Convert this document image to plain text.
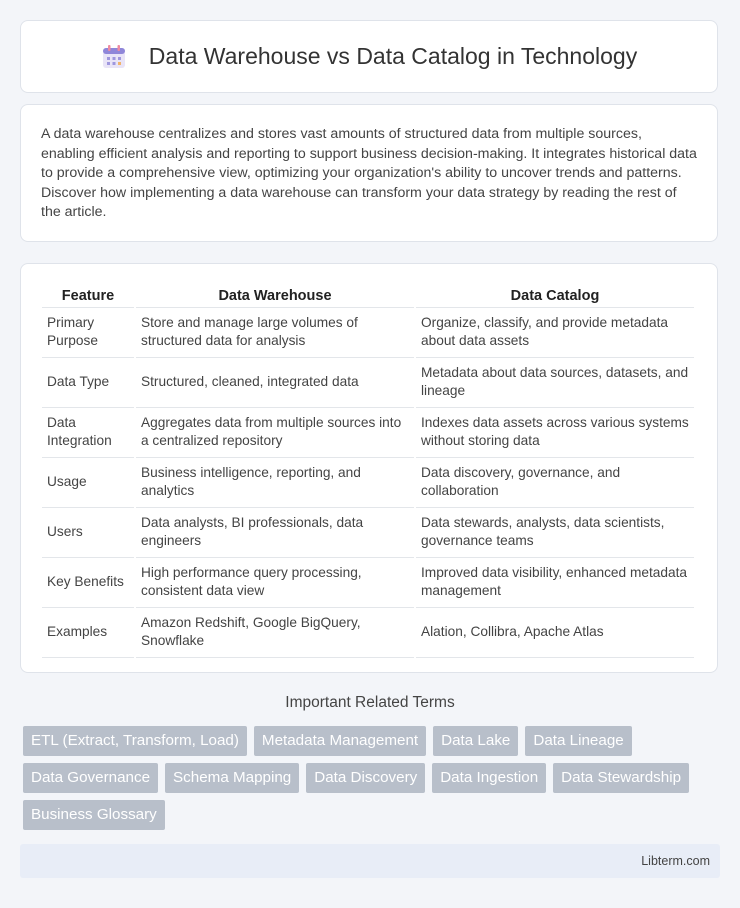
Data Warehouse vs Data Catalog in Technology

A data warehouse centralizes and stores vast amounts of structured data from multiple sources, enabling efficient analysis and reporting to support business decision-making. It integrates historical data to provide a comprehensive view, optimizing your organization's ability to uncover trends and patterns. Discover how implementing a data warehouse can transform your data strategy by reading the rest of the article.

Feature	Data Warehouse	Data Catalog
Primary Purpose	Store and manage large volumes of structured data for analysis	Organize, classify, and provide metadata about data assets
Data Type	Structured, cleaned, integrated data	Metadata about data sources, datasets, and lineage
Data Integration	Aggregates data from multiple sources into a centralized repository	Indexes data assets across various systems without storing data
Usage	Business intelligence, reporting, and analytics	Data discovery, governance, and collaboration
Users	Data analysts, BI professionals, data engineers	Data stewards, analysts, data scientists, governance teams
Key Benefits	High performance query processing, consistent data view	Improved data visibility, enhanced metadata management
Examples	Amazon Redshift, Google BigQuery, Snowflake	Alation, Collibra, Apache Atlas
Important Related Terms
ETL (Extract, Transform, Load)	Metadata Management	Data Lake	Data Lineage
Data Governance	Schema Mapping	Data Discovery	Data Ingestion	Data Stewardship
Business Glossary
Libterm.com
